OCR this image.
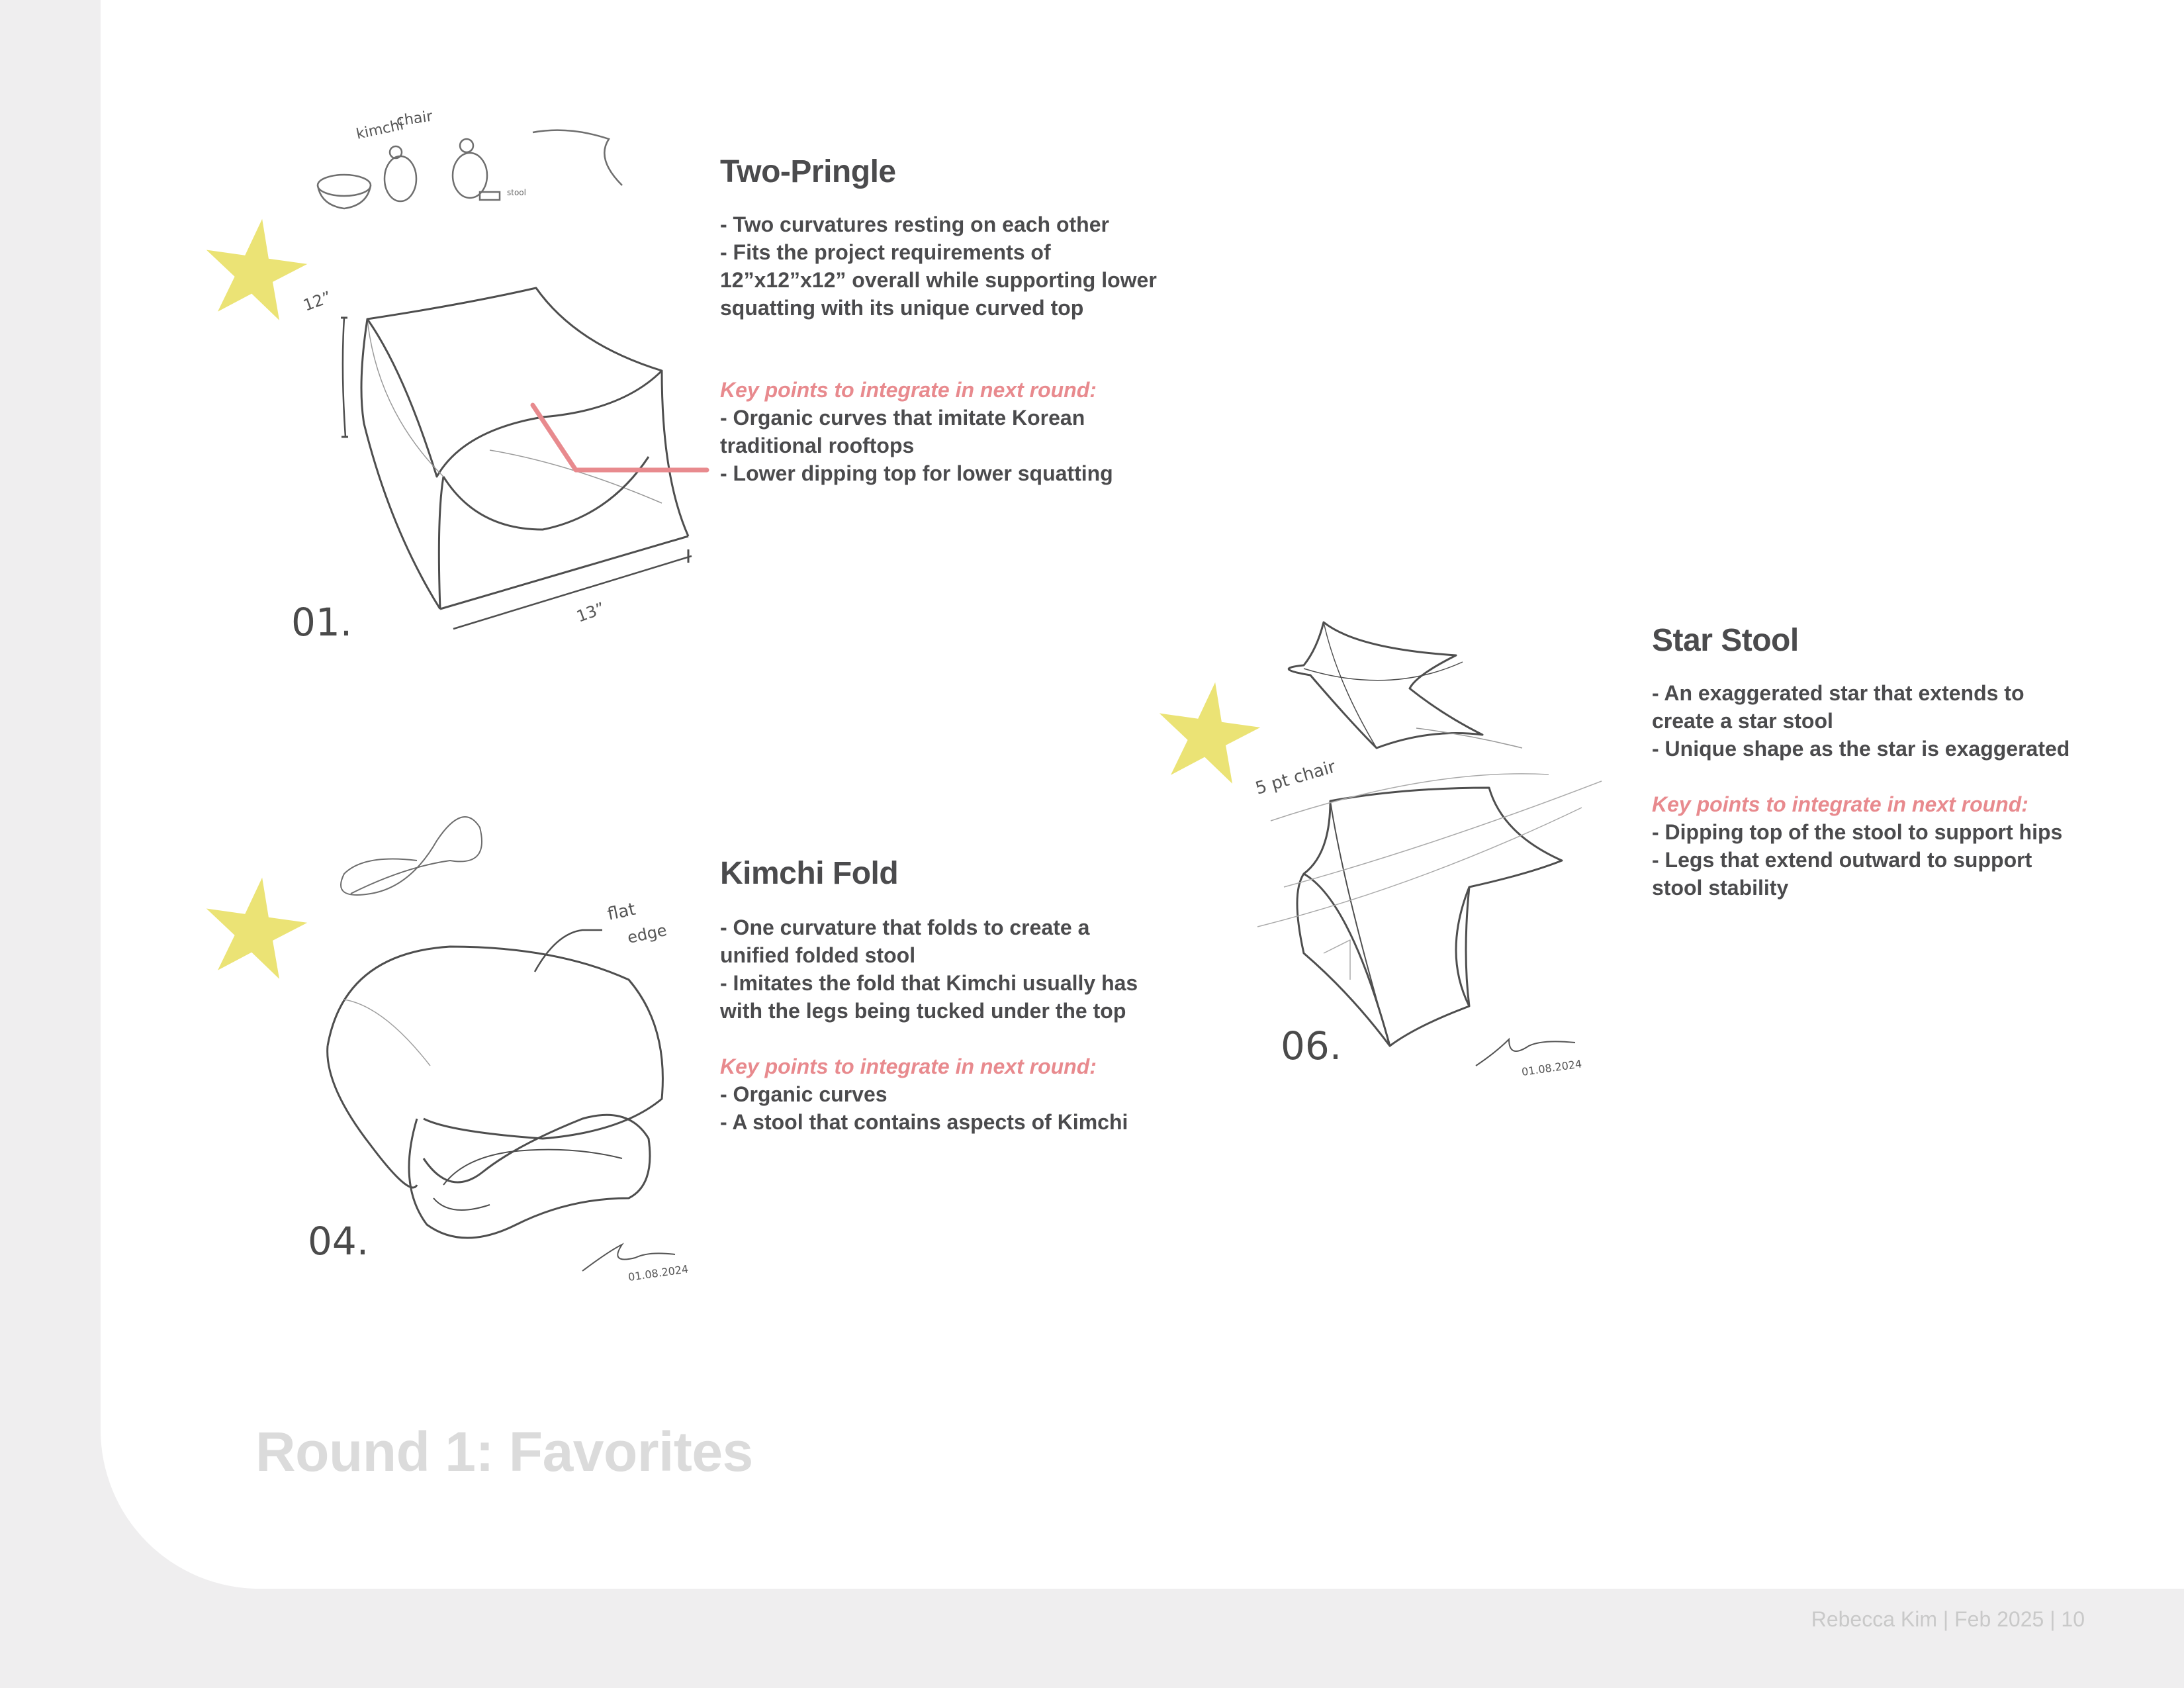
kimchi
chair
stool
12”
13”
01.
flat
edge
01.08.2024
04.
5 pt chair
01.08.2024
06.
Two-Pringle
- Two curvatures resting on each other
- Fits the project requirements of
12”x12”x12” overall while supporting lower
squatting with its unique curved top
Key points to integrate in next round:
- Organic curves that imitate Korean
traditional rooftops
- Lower dipping top for lower squatting
Kimchi Fold
- One curvature that folds to create a
unified folded stool
- Imitates the fold that Kimchi usually has
with the legs being tucked under the top
Key points to integrate in next round:
- Organic curves
- A stool that contains aspects of Kimchi
Star Stool
- An exaggerated star that extends to
create a star stool
- Unique shape as the star is exaggerated
Key points to integrate in next round:
- Dipping top of the stool to support hips
- Legs that extend outward to support
stool stability
Round 1: Favorites
Rebecca Kim | Feb 2025 | 10
